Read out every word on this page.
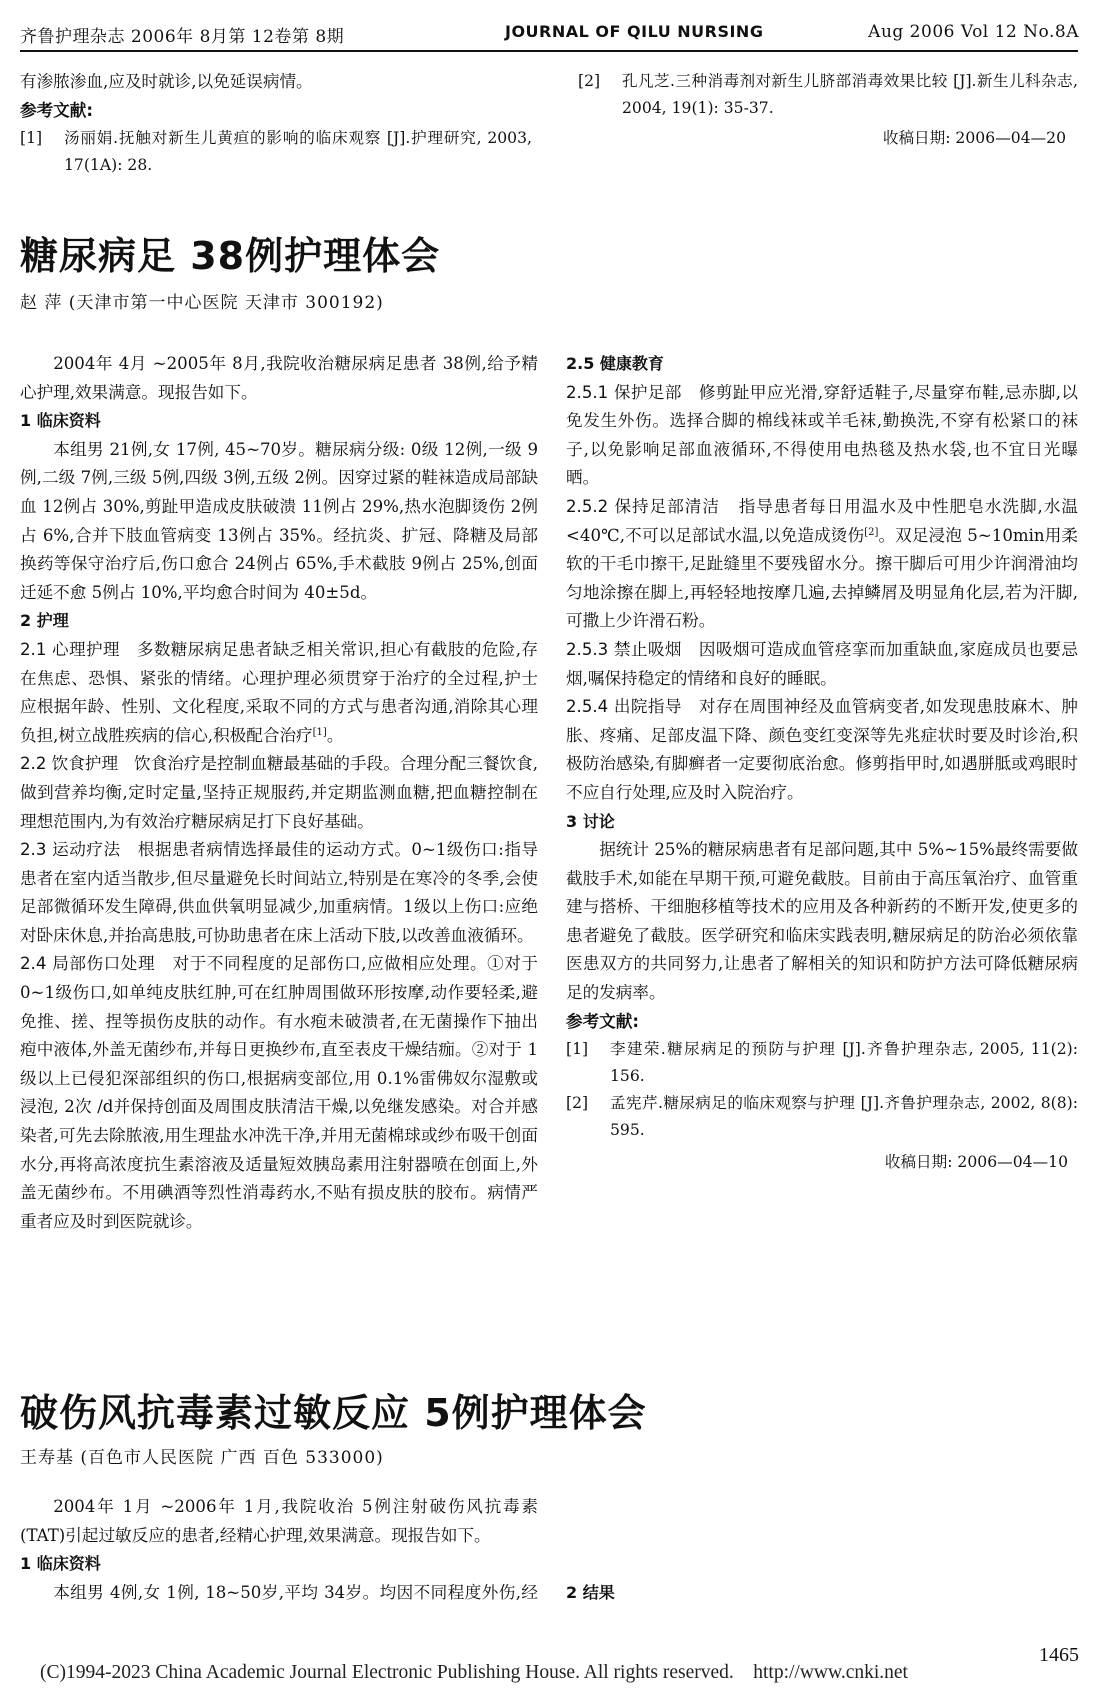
齐鲁护理杂志 2006年 8月第 12卷第 8期	JOURNAL OF QILU NURSING	Aug 2006 Vol 12 No.8A

有渗脓渗血,应及时就诊,以免延误病情。

参考文献:

[1]	汤丽娟.抚触对新生儿黄疸的影响的临床观察 [J].护理研究, 2003, 17(1A): 28.
[2]	孔凡芝.三种消毒剂对新生儿脐部消毒效果比较 [J].新生儿科杂志, 2004, 19(1): 35-37.
收稿日期: 2006—04—20
糖尿病足 38例护理体会
赵 萍 (天津市第一中心医院 天津市 300192)

2004年 4月 ~2005年 8月,我院收治糖尿病足患者 38例,给予精心护理,效果满意。现报告如下。

1 临床资料

本组男 21例,女 17例, 45~70岁。糖尿病分级: 0级 12例,一级 9例,二级 7例,三级 5例,四级 3例,五级 2例。因穿过紧的鞋袜造成局部缺血 12例占 30%,剪趾甲造成皮肤破溃 11例占 29%,热水泡脚烫伤 2例占 6%,合并下肢血管病变 13例占 35%。经抗炎、扩冠、降糖及局部换药等保守治疗后,伤口愈合 24例占 65%,手术截肢 9例占 25%,创面迁延不愈 5例占 10%,平均愈合时间为 40±5d。

2 护理

2.1 心理护理 多数糖尿病足患者缺乏相关常识,担心有截肢的危险,存在焦虑、恐惧、紧张的情绪。心理护理必须贯穿于治疗的全过程,护士应根据年龄、性别、文化程度,采取不同的方式与患者沟通,消除其心理负担,树立战胜疾病的信心,积极配合治疗[1]。

2.2 饮食护理 饮食治疗是控制血糖最基础的手段。合理分配三餐饮食,做到营养均衡,定时定量,坚持正规服药,并定期监测血糖,把血糖控制在理想范围内,为有效治疗糖尿病足打下良好基础。

2.3 运动疗法 根据患者病情选择最佳的运动方式。0~1级伤口:指导患者在室内适当散步,但尽量避免长时间站立,特别是在寒冷的冬季,会使足部微循环发生障碍,供血供氧明显减少,加重病情。1级以上伤口:应绝对卧床休息,并抬高患肢,可协助患者在床上活动下肢,以改善血液循环。

2.4 局部伤口处理 对于不同程度的足部伤口,应做相应处理。①对于 0~1级伤口,如单纯皮肤红肿,可在红肿周围做环形按摩,动作要轻柔,避免推、搓、捏等损伤皮肤的动作。有水疱未破溃者,在无菌操作下抽出疱中液体,外盖无菌纱布,并每日更换纱布,直至表皮干燥结痂。②对于 1级以上已侵犯深部组织的伤口,根据病变部位,用 0.1%雷佛奴尔湿敷或浸泡, 2次 /d并保持创面及周围皮肤清洁干燥,以免继发感染。对合并感染者,可先去除脓液,用生理盐水冲洗干净,并用无菌棉球或纱布吸干创面水分,再将高浓度抗生素溶液及适量短效胰岛素用注射器喷在创面上,外盖无菌纱布。不用碘酒等烈性消毒药水,不贴有损皮肤的胶布。病情严重者应及时到医院就诊。

2.5 健康教育

2.5.1 保护足部 修剪趾甲应光滑,穿舒适鞋子,尽量穿布鞋,忌赤脚,以免发生外伤。选择合脚的棉线袜或羊毛袜,勤换洗,不穿有松紧口的袜子,以免影响足部血液循环,不得使用电热毯及热水袋,也不宜日光曝晒。

2.5.2 保持足部清洁 指导患者每日用温水及中性肥皂水洗脚,水温 <40℃,不可以足部试水温,以免造成烫伤[2]。双足浸泡 5~10min用柔软的干毛巾擦干,足趾缝里不要残留水分。擦干脚后可用少许润滑油均匀地涂擦在脚上,再轻轻地按摩几遍,去掉鳞屑及明显角化层,若为汗脚,可撒上少许滑石粉。

2.5.3 禁止吸烟 因吸烟可造成血管痉挛而加重缺血,家庭成员也要忌烟,嘱保持稳定的情绪和良好的睡眠。

2.5.4 出院指导 对存在周围神经及血管病变者,如发现患肢麻木、肿胀、疼痛、足部皮温下降、颜色变红变深等先兆症状时要及时诊治,积极防治感染,有脚癣者一定要彻底治愈。修剪指甲时,如遇胼胝或鸡眼时不应自行处理,应及时入院治疗。

3 讨论

据统计 25%的糖尿病患者有足部问题,其中 5%~15%最终需要做截肢手术,如能在早期干预,可避免截肢。目前由于高压氧治疗、血管重建与搭桥、干细胞移植等技术的应用及各种新药的不断开发,使更多的患者避免了截肢。医学研究和临床实践表明,糖尿病足的防治必须依靠医患双方的共同努力,让患者了解相关的知识和防护方法可降低糖尿病足的发病率。

参考文献:

[1]	李建荣.糖尿病足的预防与护理 [J].齐鲁护理杂志, 2005, 11(2): 156.
[2]	孟宪芹.糖尿病足的临床观察与护理 [J].齐鲁护理杂志, 2002, 8(8): 595.
收稿日期: 2006—04—10
破伤风抗毒素过敏反应 5例护理体会
王寿基 (百色市人民医院 广西 百色 533000)

2004年 1月 ~2006年 1月,我院收治 5例注射破伤风抗毒素 (TAT)引起过敏反应的患者,经精心护理,效果满意。现报告如下。

1 临床资料

本组男 4例,女 1例, 18~50岁,平均 34岁。均因不同程度外伤,经 2 结果

1465
(C)1994-2023 China Academic Journal Electronic Publishing House. All rights reserved.    http://www.cnki.net
